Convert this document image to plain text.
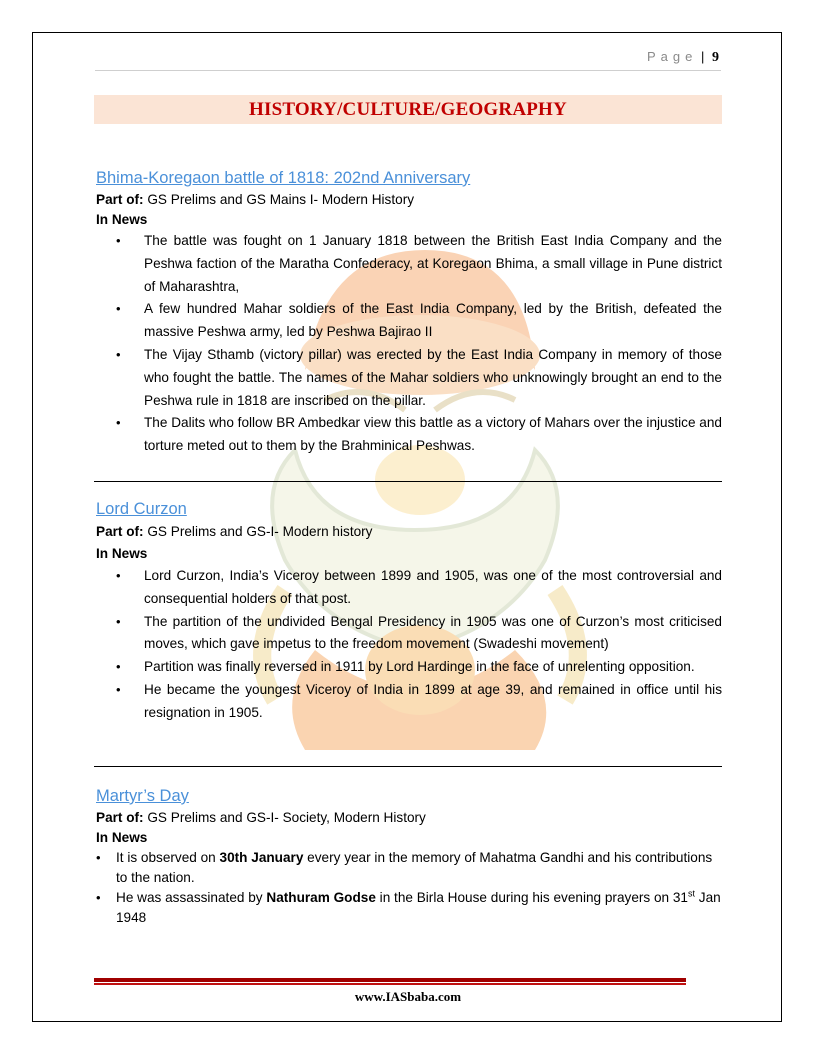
Page | 9
HISTORY/CULTURE/GEOGRAPHY

Bhima-Koregaon battle of 1818: 202nd Anniversary

Part of: GS Prelims and GS Mains I- Modern History

In News

• The battle was fought on 1 January 1818 between the British East India Company and the Peshwa faction of the Maratha Confederacy, at Koregaon Bhima, a small village in Pune district of Maharashtra,
• A few hundred Mahar soldiers of the East India Company, led by the British, defeated the massive Peshwa army, led by Peshwa Bajirao II
• The Vijay Sthamb (victory pillar) was erected by the East India Company in memory of those who fought the battle. The names of the Mahar soldiers who unknowingly brought an end to the Peshwa rule in 1818 are inscribed on the pillar.
• The Dalits who follow BR Ambedkar view this battle as a victory of Mahars over the injustice and torture meted out to them by the Brahminical Peshwas.

Lord Curzon

Part of: GS Prelims and GS-I- Modern history

In News

• Lord Curzon, India’s Viceroy between 1899 and 1905, was one of the most controversial and consequential holders of that post.
• The partition of the undivided Bengal Presidency in 1905 was one of Curzon’s most criticised moves, which gave impetus to the freedom movement (Swadeshi movement)
• Partition was finally reversed in 1911 by Lord Hardinge in the face of unrelenting opposition.
• He became the youngest Viceroy of India in 1899 at age 39, and remained in office until his resignation in 1905.

Martyr’s Day

Part of: GS Prelims and GS-I- Society, Modern History

In News

• It is observed on 30th January every year in the memory of Mahatma Gandhi and his contributions to the nation.
• He was assassinated by Nathuram Godse in the Birla House during his evening prayers on 31st Jan 1948
www.IASbaba.com
